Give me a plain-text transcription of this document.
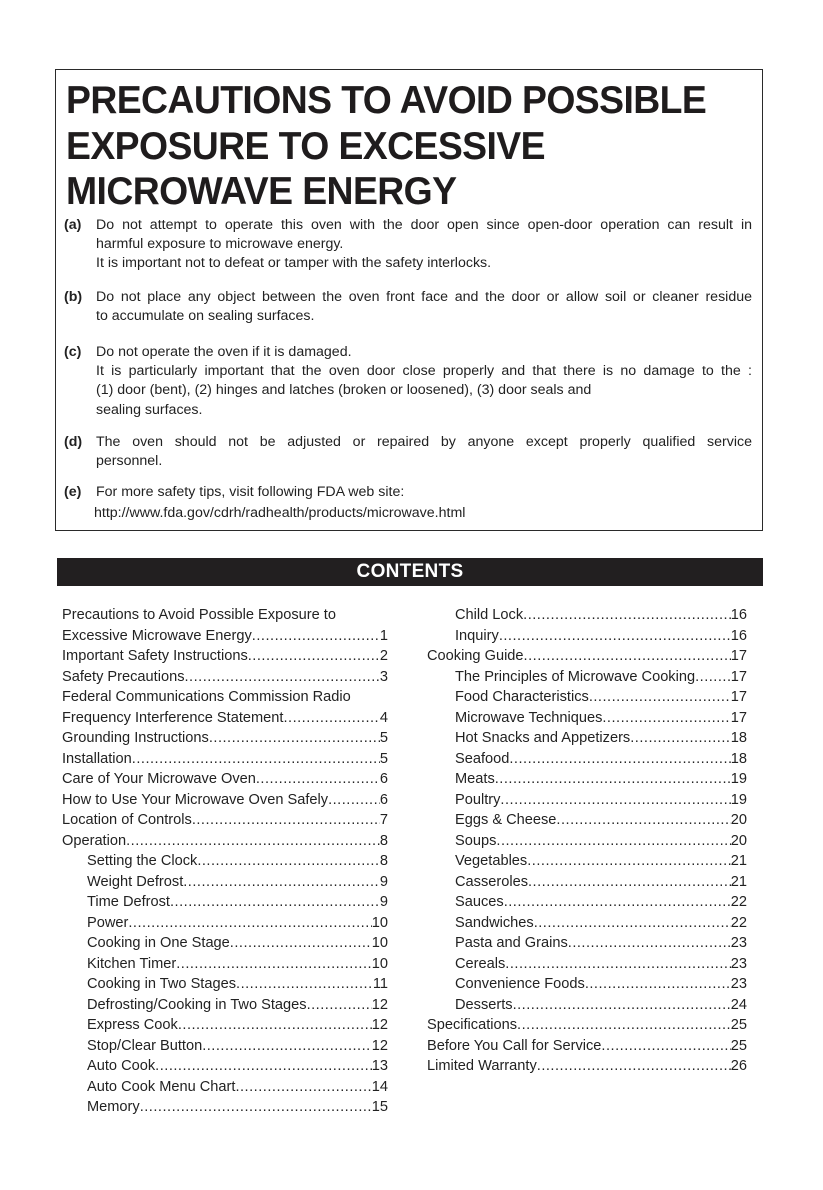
PRECAUTIONS TO AVOID POSSIBLE
EXPOSURE TO EXCESSIVE
MICROWAVE ENERGY
(a) Do not attempt to operate this oven with the door open since open-door operation can result in
harmful exposure to microwave energy.
It is important not to defeat or tamper with the safety interlocks.
(b) Do not place any object between the oven front face and the door or allow soil or cleaner residue
to accumulate on sealing surfaces.
(c) Do not operate the oven if it is damaged.
It is particularly important that the oven door close properly and that there is no damage to the :
(1) door (bent), (2) hinges and latches (broken or loosened), (3) door seals and
sealing surfaces.
(d) The oven should not be adjusted or repaired by anyone except properly qualified service
personnel.
(e) For more safety tips, visit following FDA web site:
http://www.fda.gov/cdrh/radhealth/products/microwave.html
CONTENTS
Precautions to Avoid Possible Exposure to
Excessive Microwave Energy .....	1
Important Safety Instructions .....	2
Safety Precautions .....	3
Federal Communications Commission Radio
Frequency Interference Statement .....	4
Grounding Instructions .....	5
Installation .....	5
Care of Your Microwave Oven .....	6
How to Use Your Microwave Oven Safely .....	6
Location of Controls .....	7
Operation .....	8
Setting the Clock .....	8
Weight Defrost .....	9
Time Defrost .....	9
Power .....	10
Cooking in One Stage .....	10
Kitchen Timer .....	10
Cooking in Two Stages .....	11
Defrosting/Cooking in Two Stages .....	12
Express Cook .....	12
Stop/Clear Button .....	12
Auto Cook .....	13
Auto Cook Menu Chart .....	14
Memory .....	15
Child Lock .....	16
Inquiry .....	16
Cooking Guide .....	17
The Principles of Microwave Cooking ..... 17
Food Characteristics .....	17
Microwave Techniques .....	17
Hot Snacks and Appetizers .....	18
Seafood .....	18
Meats .....	19
Poultry .....	19
Eggs & Cheese .....	20
Soups .....	20
Vegetables .....	21
Casseroles .....	21
Sauces .....	22
Sandwiches .....	22
Pasta and Grains .....	23
Cereals .....	23
Convenience Foods .....	23
Desserts .....	24
Specifications .....	25
Before You Call for Service .....	25
Limited Warranty .....	26
